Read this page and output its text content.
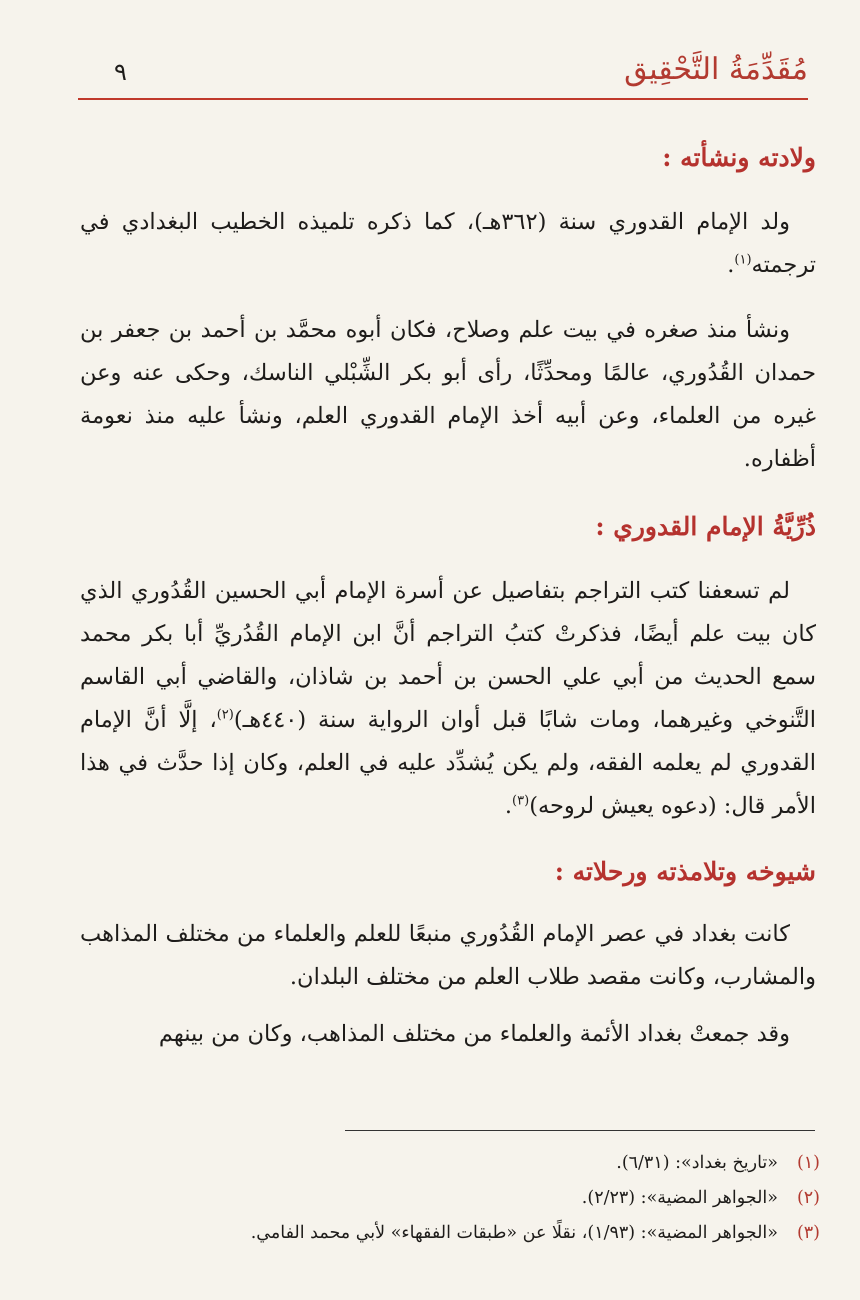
مُقَدِّمَةُ التَّحْقِيق
٩
ولادته ونشأته :

ولد الإمام القدوري سنة (٣٦٢هـ)، كما ذكره تلميذه الخطيب البغدادي في ترجمته$^{(١)}$.

ونشأ منذ صغره في بيت علم وصلاح، فكان أبوه محمَّد بن أحمد بن جعفر بن حمدان القُدُوري، عالمًا ومحدِّثًا، رأى أبو بكر الشِّبْلي الناسك، وحكى عنه وعن غيره من العلماء، وعن أبيه أخذ الإمام القدوري العلم، ونشأ عليه منذ نعومة أظفاره.

ذُرِّيَّةُ الإمام القدوري :

لم تسعفنا كتب التراجم بتفاصيل عن أسرة الإمام أبي الحسين القُدُوري الذي كان بيت علم أيضًا، فذكرتْ كتبُ التراجم أنَّ ابن الإمام القُدُريِّ أبا بكر محمد سمع الحديث من أبي علي الحسن بن أحمد بن شاذان، والقاضي أبي القاسم التَّنوخي وغيرهما، ومات شابًا قبل أوان الرواية سنة (٤٤٠هـ)$^{(٢)}$، إلَّا أنَّ الإمام القدوري لم يعلمه الفقه، ولم يكن يُشدِّد عليه في العلم، وكان إذا حدَّث في هذا الأمر قال: (دعوه يعيش لروحه)$^{(٣)}$.

شيوخه وتلامذته ورحلاته :

كانت بغداد في عصر الإمام القُدُوري منبعًا للعلم والعلماء من مختلف المذاهب والمشارب، وكانت مقصد طلاب العلم من مختلف البلدان.

وقد جمعتْ بغداد الأئمة والعلماء من مختلف المذاهب، وكان من بينهم

(١)
«تاريخ بغداد»: (٦/٣١).

(٢)
«الجواهر المضية»: (٢/٢٣).

(٣)
«الجواهر المضية»: (١/٩٣)، نقلًا عن «طبقات الفقهاء» لأبي محمد الفامي.
